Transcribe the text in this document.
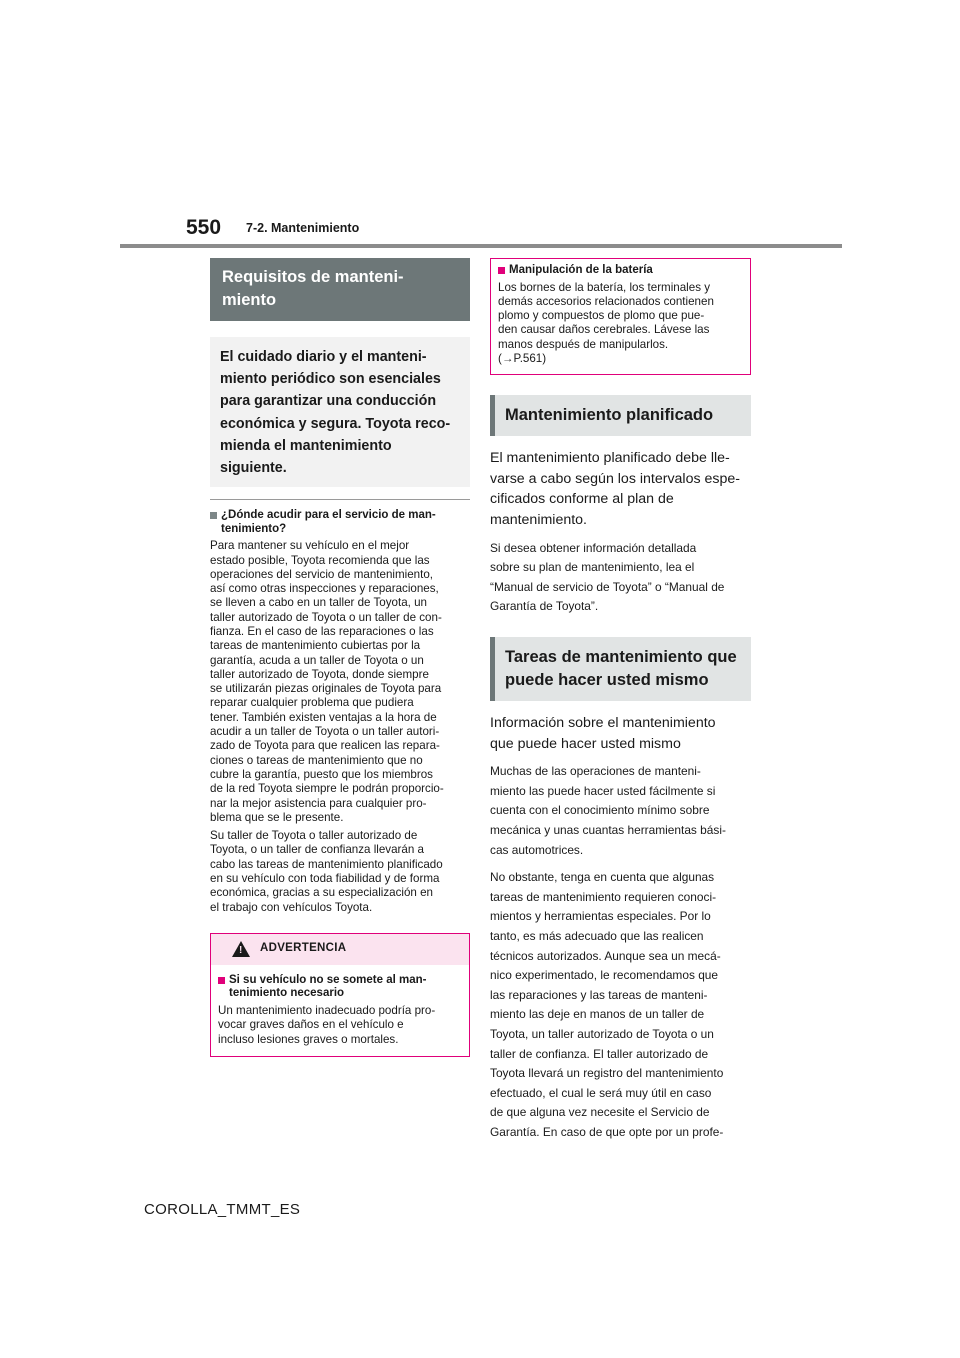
550 7-2. Mantenimiento
Requisitos de manteni-
miento
El cuidado diario y el manteni-
miento periódico son esenciales
para garantizar una conducción
económica y segura. Toyota reco-
mienda el mantenimiento
siguiente.
¿Dónde acudir para el servicio de man-
tenimiento?
Para mantener su vehículo en el mejor
estado posible, Toyota recomienda que las
operaciones del servicio de mantenimiento,
así como otras inspecciones y reparaciones,
se lleven a cabo en un taller de Toyota, un
taller autorizado de Toyota o un taller de con-
fianza. En el caso de las reparaciones o las
tareas de mantenimiento cubiertas por la
garantía, acuda a un taller de Toyota o un
taller autorizado de Toyota, donde siempre
se utilizarán piezas originales de Toyota para
reparar cualquier problema que pudiera
tener. También existen ventajas a la hora de
acudir a un taller de Toyota o un taller autori-
zado de Toyota para que realicen las repara-
ciones o tareas de mantenimiento que no
cubre la garantía, puesto que los miembros
de la red Toyota siempre le podrán proporcio-
nar la mejor asistencia para cualquier pro-
blema que se le presente.
Su taller de Toyota o taller autorizado de
Toyota, o un taller de confianza llevarán a
cabo las tareas de mantenimiento planificado
en su vehículo con toda fiabilidad y de forma
económica, gracias a su especialización en
el trabajo con vehículos Toyota.
! ADVERTENCIA
Si su vehículo no se somete al man-
tenimiento necesario
Un mantenimiento inadecuado podría pro-
vocar graves daños en el vehículo e
incluso lesiones graves o mortales.
Manipulación de la batería
Los bornes de la batería, los terminales y
demás accesorios relacionados contienen
plomo y compuestos de plomo que pue-
den causar daños cerebrales. Lávese las
manos después de manipularlos.
(→P.561)
Mantenimiento planificado
El mantenimiento planificado debe lle-
varse a cabo según los intervalos espe-
cificados conforme al plan de
mantenimiento.
Si desea obtener información detallada
sobre su plan de mantenimiento, lea el
“Manual de servicio de Toyota” o “Manual de
Garantía de Toyota”.
Tareas de mantenimiento que
puede hacer usted mismo
Información sobre el mantenimiento
que puede hacer usted mismo
Muchas de las operaciones de manteni-
miento las puede hacer usted fácilmente si
cuenta con el conocimiento mínimo sobre
mecánica y unas cuantas herramientas bási-
cas automotrices.
No obstante, tenga en cuenta que algunas
tareas de mantenimiento requieren conoci-
mientos y herramientas especiales. Por lo
tanto, es más adecuado que las realicen
técnicos autorizados. Aunque sea un mecá-
nico experimentado, le recomendamos que
las reparaciones y las tareas de manteni-
miento las deje en manos de un taller de
Toyota, un taller autorizado de Toyota o un
taller de confianza. El taller autorizado de
Toyota llevará un registro del mantenimiento
efectuado, el cual le será muy útil en caso
de que alguna vez necesite el Servicio de
Garantía. En caso de que opte por un profe-
COROLLA_TMMT_ES
